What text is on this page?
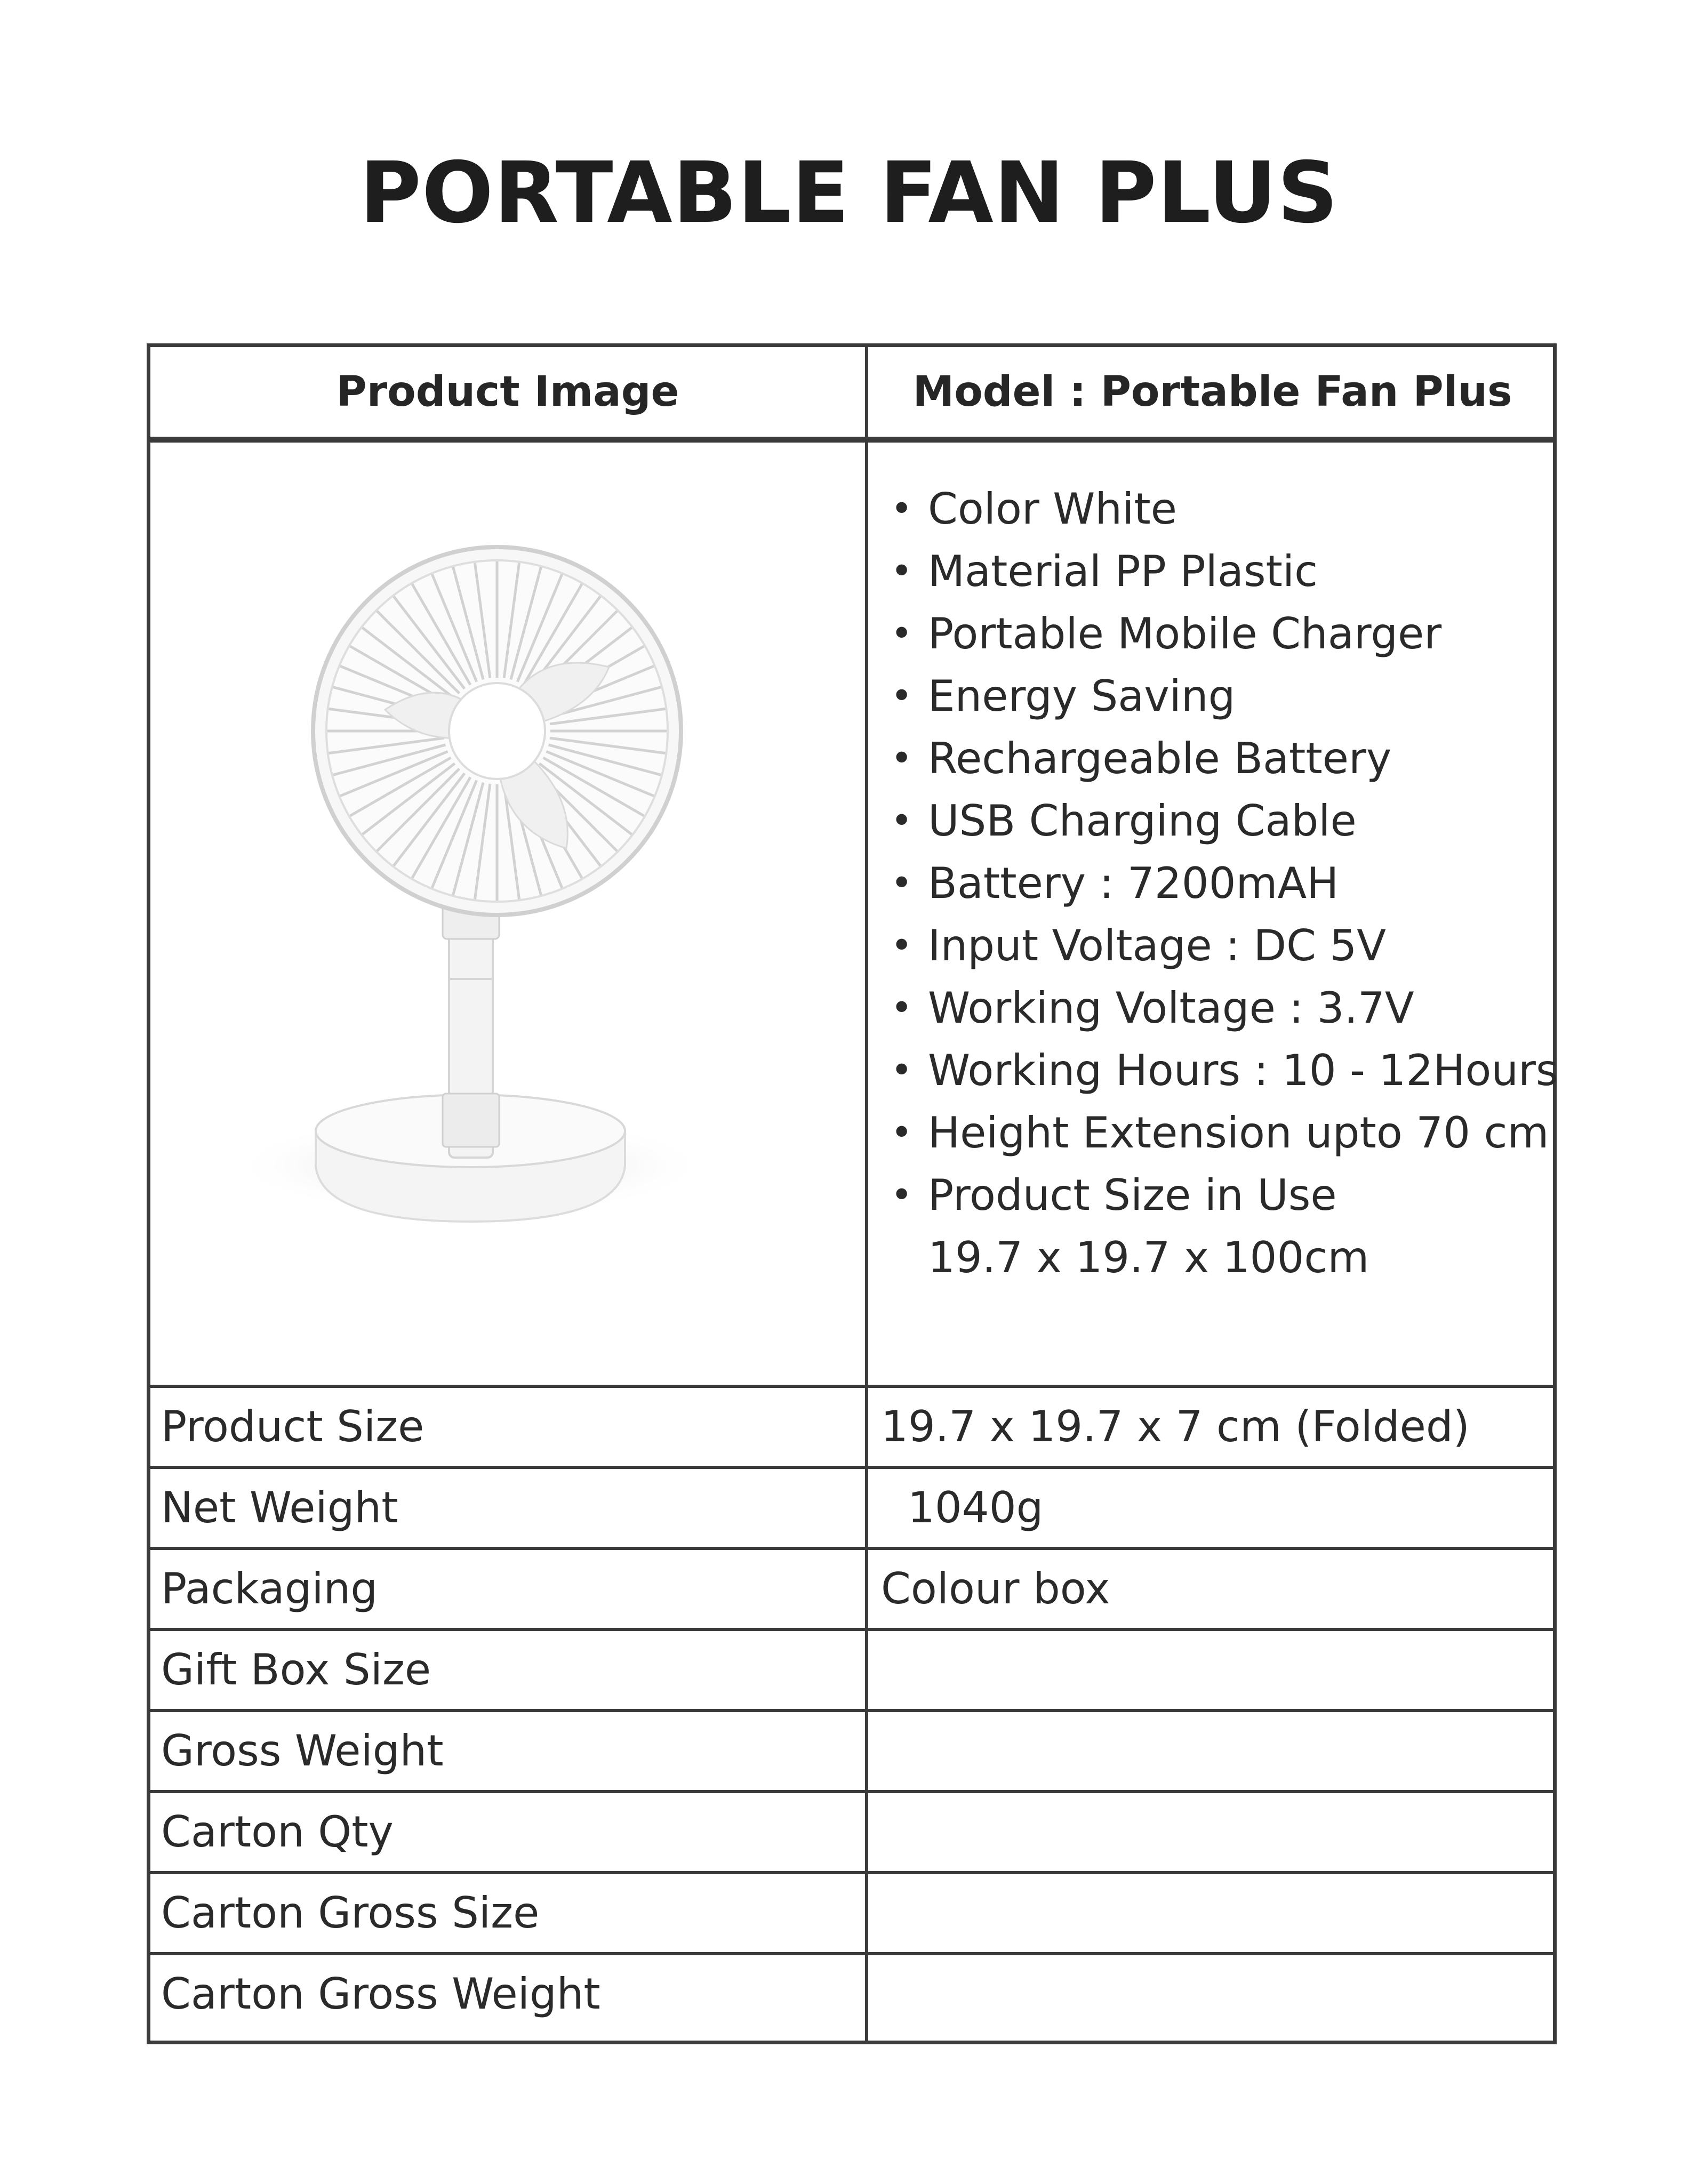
PORTABLE FAN PLUS
Product Image	Model : Portable Fan Plus
• Color White
• Material PP Plastic
• Portable Mobile Charger
• Energy Saving
• Rechargeable Battery
• USB Charging Cable
• Battery : 7200mAH
• Input Voltage : DC 5V
• Working Voltage : 3.7V
• Working Hours : 10 - 12Hours
• Height Extension upto 70 cm
• Product Size in Use
19.7 x 19.7 x 100cm
Product Size	19.7 x 19.7 x 7 cm (Folded)
Net Weight	1040g
Packaging	Colour box
Gift Box Size
Gross Weight
Carton Qty
Carton Gross Size
Carton Gross Weight
